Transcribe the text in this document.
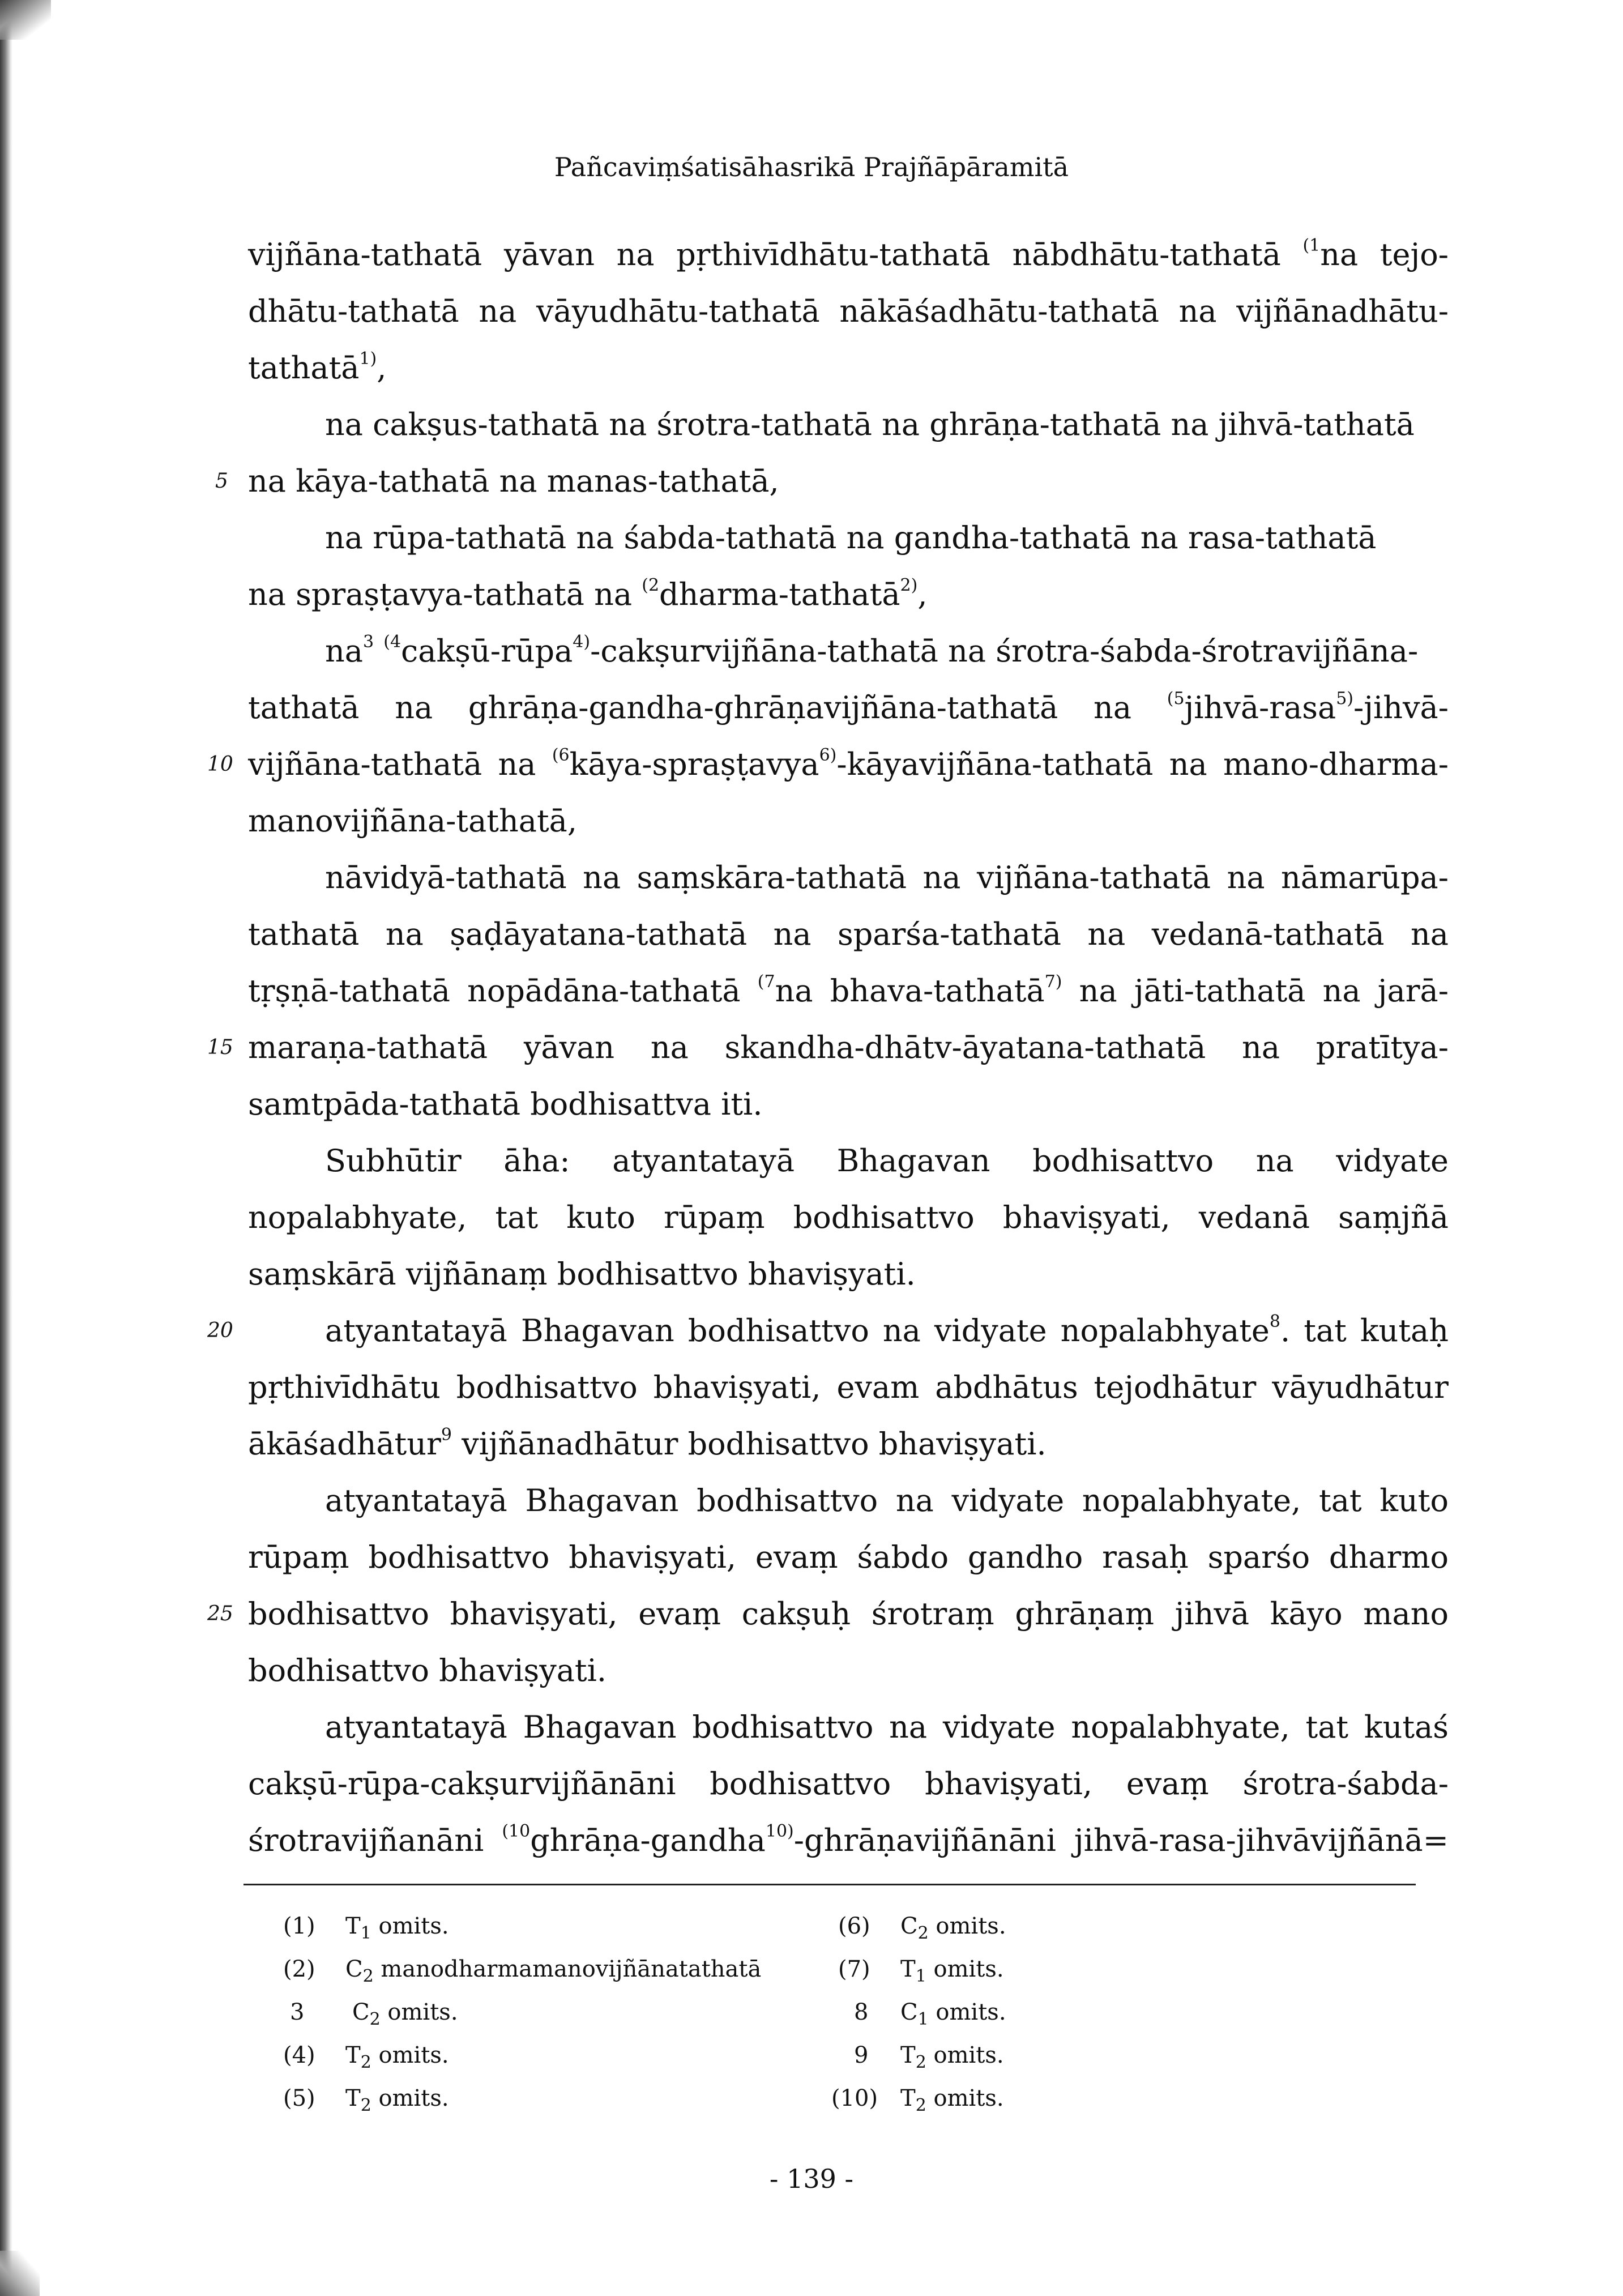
Pañcaviṃśatisāhasrikā Prajñāpāramitā
vijñāna-tathatā yāvan na pṛthivīdhātu-tathatā nābdhātu-tathatā $^{(1}$na tejo-
dhātu-tathatā na vāyudhātu-tathatā nākāśadhātu-tathatā na vijñānadhātu-
tathatā$^{1)}$,
na cakṣus-tathatā na śrotra-tathatā na ghrāṇa-tathatā na jihvā-tathatā
5 na kāya-tathatā na manas-tathatā,
na rūpa-tathatā na śabda-tathatā na gandha-tathatā na rasa-tathatā
na spraṣṭavya-tathatā na $^{(2}$dharma-tathatā$^{2)}$,
$na^3$ $^{(4}$cakṣū-rūpa$^{4)}$-cakṣurvijñāna-tathatā na śrotra-śabda-śrotravijñāna-
tathatā na ghrāṇa-gandha-ghrāṇavijñāna-tathatā na $^{(5}$jihvā-rasa$^{5)}$-jihvā-
10 vijñāna-tathatā na $^{(6}$kāya-spraṣṭavya$^{6)}$-kāyavijñāna-tathatā na mano-dharma-
manovijñāna-tathatā,
nāvidyā-tathatā na saṃskāra-tathatā na vijñāna-tathatā na nāmarūpa-
tathatā na ṣaḍāyatana-tathatā na sparśa-tathatā na vedanā-tathatā na
tṛṣṇā-tathatā nopādāna-tathatā $^{(7}$na bhava-tathatā$^{7)}$ na jāti-tathatā na jarā-
15 maraṇa-tathatā yāvan na skandha-dhātv-āyatana-tathatā na pratītya-
samtpāda-tathatā bodhisattva iti.
Subhūtir āha: atyantatayā Bhagavan bodhisattvo na vidyate
nopalabhyate, tat kuto rūpaṃ bodhisattvo bhaviṣyati, vedanā saṃjñā
saṃskārā vijñānaṃ bodhisattvo bhaviṣyati.
20	atyantatayā Bhagavan bodhisattvo na vidyate nopalabhyate$^8$. tat kutaḥ
pṛthivīdhātu bodhisattvo bhaviṣyati, evam abdhātus tejodhātur vāyudhātur
ākāśadhātur$^9$ vijñānadhātur bodhisattvo bhaviṣyati.
atyantatayā Bhagavan bodhisattvo na vidyate nopalabhyate, tat kuto
rūpaṃ bodhisattvo bhaviṣyati, evaṃ śabdo gandho rasaḥ sparśo dharmo
25 bodhisattvo bhaviṣyati, evaṃ cakṣuḥ śrotraṃ ghrāṇaṃ jihvā kāyo mano
bodhisattvo bhaviṣyati.
atyantatayā Bhagavan bodhisattvo na vidyate nopalabhyate, tat kutaś
cakṣū-rūpa-cakṣurvijñānāni bodhisattvo bhaviṣyati, evaṃ śrotra-śabda-
śrotravijñanāni $^{(10}$ghrāṇa-gandha$^{10)}$-ghrāṇavijñānāni jihvā-rasa-jihvāvijñānā=
(1) $T_1$ omits.
(2) $C_2$ manodharmamanovijñānatathatā
3 $C_2$ omits.
(4) $T_2$ omits.
(5) $T_2$ omits.
(6) $C_2$ omits.
(7) $T_1$ omits.
8 $C_1$ omits.
9 $T_2$ omits.
(10) $T_2$ omits.
- 139 -
